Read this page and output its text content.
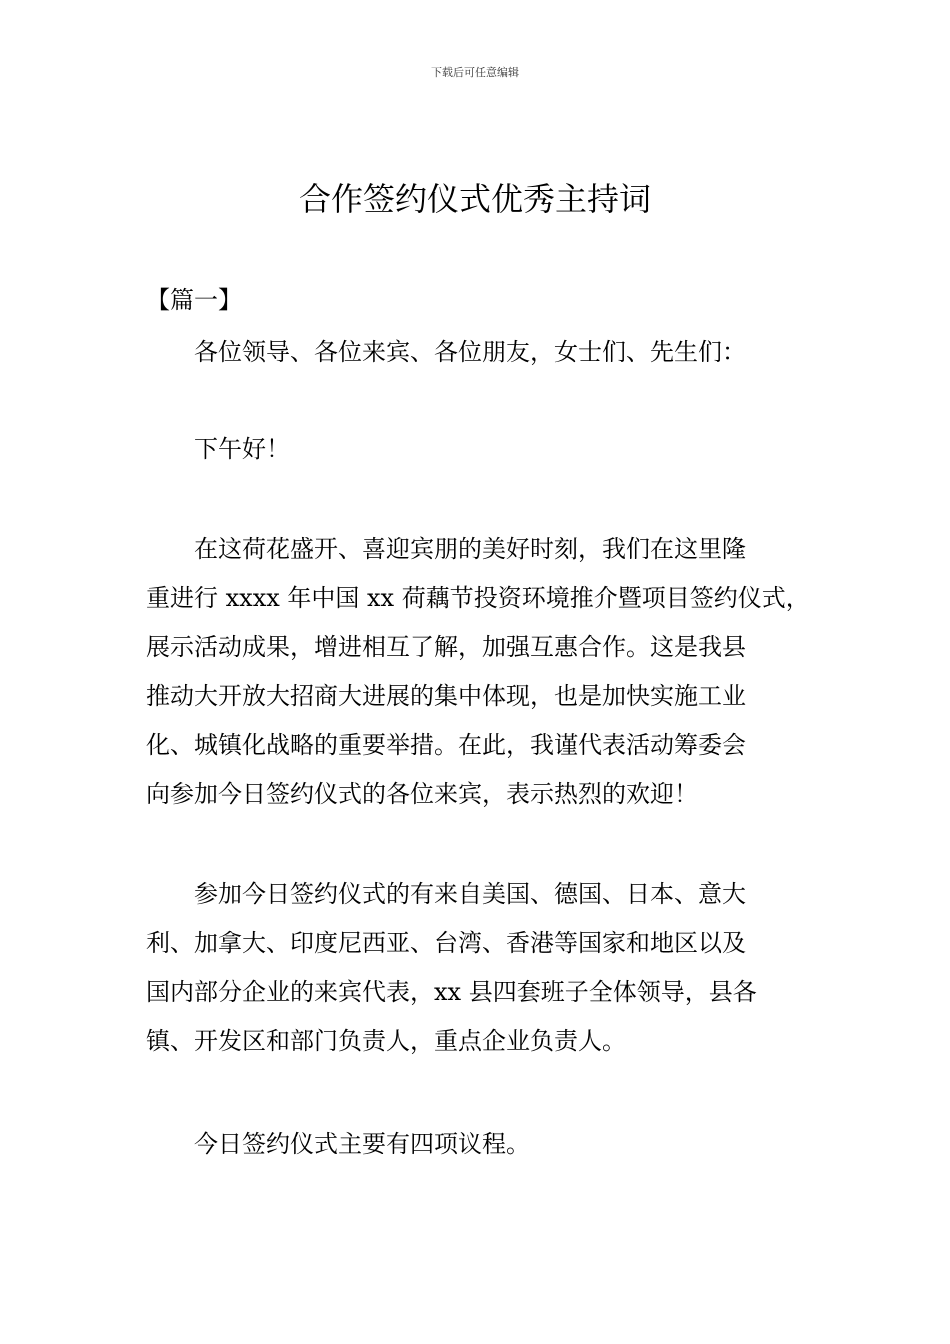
下载后可任意编辑
合作签约仪式优秀主持词
【篇一】

各位领导、各位来宾、各位朋友，女士们、先生们：

下午好！

在这荷花盛开、喜迎宾朋的美好时刻，我们在这里隆
重进行 xxxx 年中国 xx 荷藕节投资环境推介暨项目签约仪式，
展示活动成果，增进相互了解，加强互惠合作。这是我县
推动大开放大招商大进展的集中体现，也是加快实施工业
化、城镇化战略的重要举措。在此，我谨代表活动筹委会
向参加今日签约仪式的各位来宾，表示热烈的欢迎！

参加今日签约仪式的有来自美国、德国、日本、意大
利、加拿大、印度尼西亚、台湾、香港等国家和地区以及
国内部分企业的来宾代表，xx 县四套班子全体领导，县各
镇、开发区和部门负责人，重点企业负责人。

今日签约仪式主要有四项议程。
